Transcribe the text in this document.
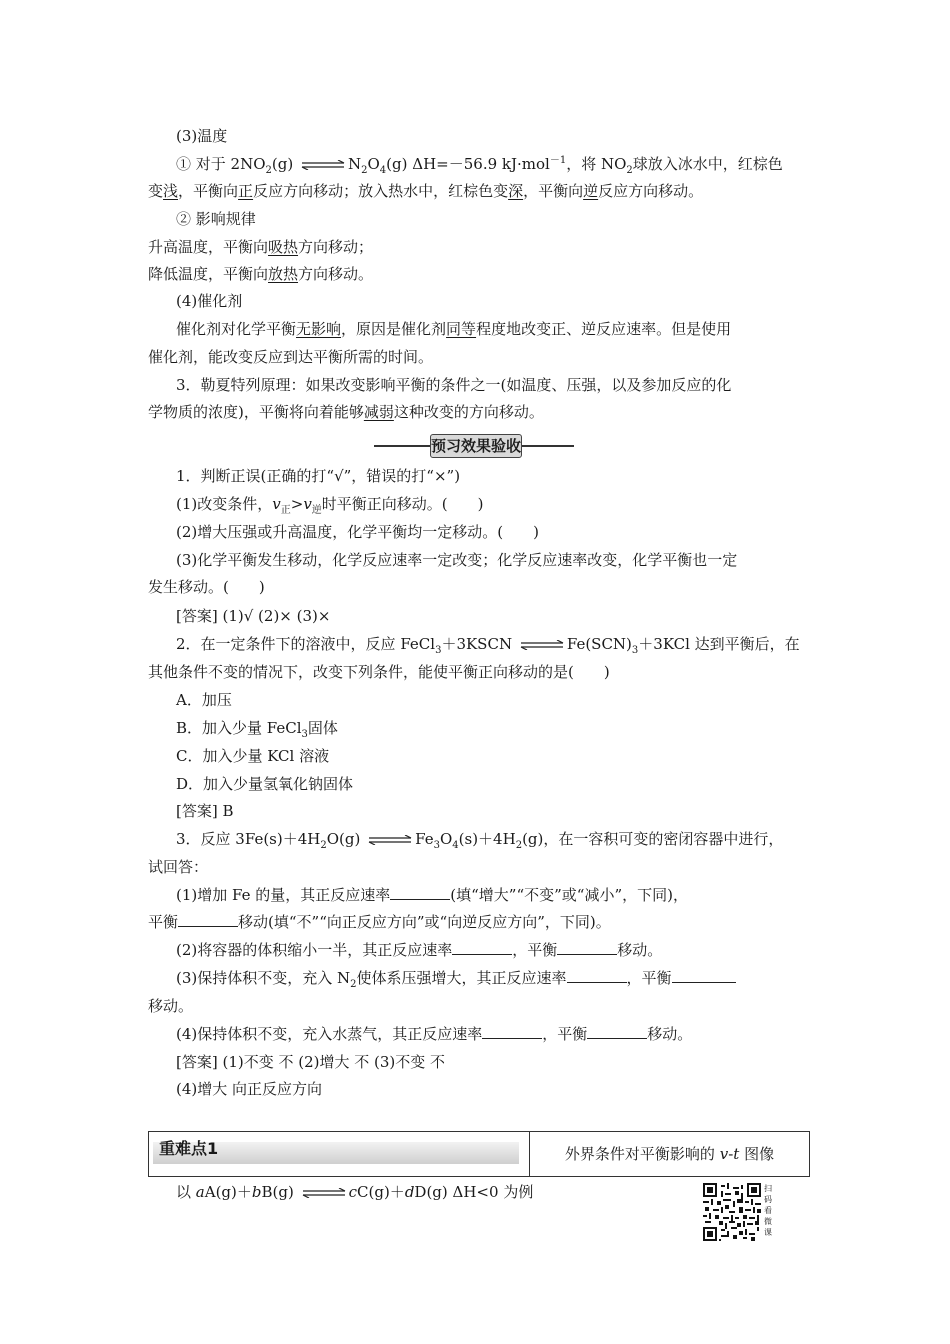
(3)温度
① 对于 $2NO_2(g)$ ⇌ $N_2O_4(g)$ ΔH=－56.9 kJ·mol$^{-1}$，将 $NO_2$球放入冰水中，红棕色
变浅，平衡向正反应方向移动；放入热水中，红棕色变深，平衡向逆反应方向移动。
② 影响规律
升高温度，平衡向吸热方向移动；
降低温度，平衡向放热方向移动。
(4)催化剂
催化剂对化学平衡无影响，原因是催化剂同等程度地改变正、逆反应速率。但是使用
催化剂，能改变反应到达平衡所需的时间。
3．勒夏特列原理：如果改变影响平衡的条件之一(如温度、压强，以及参加反应的化
学物质的浓度)，平衡将向着能够减弱这种改变的方向移动。
预习效果验收
1．判断正误(正确的打“√”，错误的打“×”)
(1)改变条件，$v_正>v_逆$时平衡正向移动。(　　)
(2)增大压强或升高温度，化学平衡均一定移动。(　　)
(3)化学平衡发生移动，化学反应速率一定改变；化学反应速率改变，化学平衡也一定
发生移动。(　　)
[答案] (1)√ (2)× (3)×
2．在一定条件下的溶液中，反应 FeCl$_3$＋3KSCN ⇌ $Fe(SCN)_3+3KCl$ 达到平衡后，在
其他条件不变的情况下，改变下列条件，能使平衡正向移动的是(　　)
A．加压
B．加入少量 FeCl$_3$固体
C．加入少量 KCl 溶液
D．加入少量氢氧化钠固体
[答案] B
3．反应 $3Fe(s)+4H_2O(g)$ ⇌ $Fe_3O_4(s)+4H_2(g)$，在一容积可变的密闭容器中进行，
试回答：
(1)增加 Fe 的量，其正反应速率	(填“增大”“不变”或“减小”，下同)，
平衡	移动(填“不”“向正反应方向”或“向逆反应方向”，下同)。
(2)将容器的体积缩小一半，其正反应速率	，平衡	移动。
(3)保持体积不变，充入 $N_2$使体系压强增大，其正反应速率	，平衡
移动。
(4)保持体积不变，充入水蒸气，其正反应速率	，平衡	移动。
[答案] (1)不变 不 (2)增大 不 (3)不变 不
(4)增大 向正反应方向
重难点1	外界条件对平衡影响的 v-t 图像
以 aA(g)＋bB(g) ⇌ cC(g)＋dD(g) ΔH<0 为例	扫码看微课
